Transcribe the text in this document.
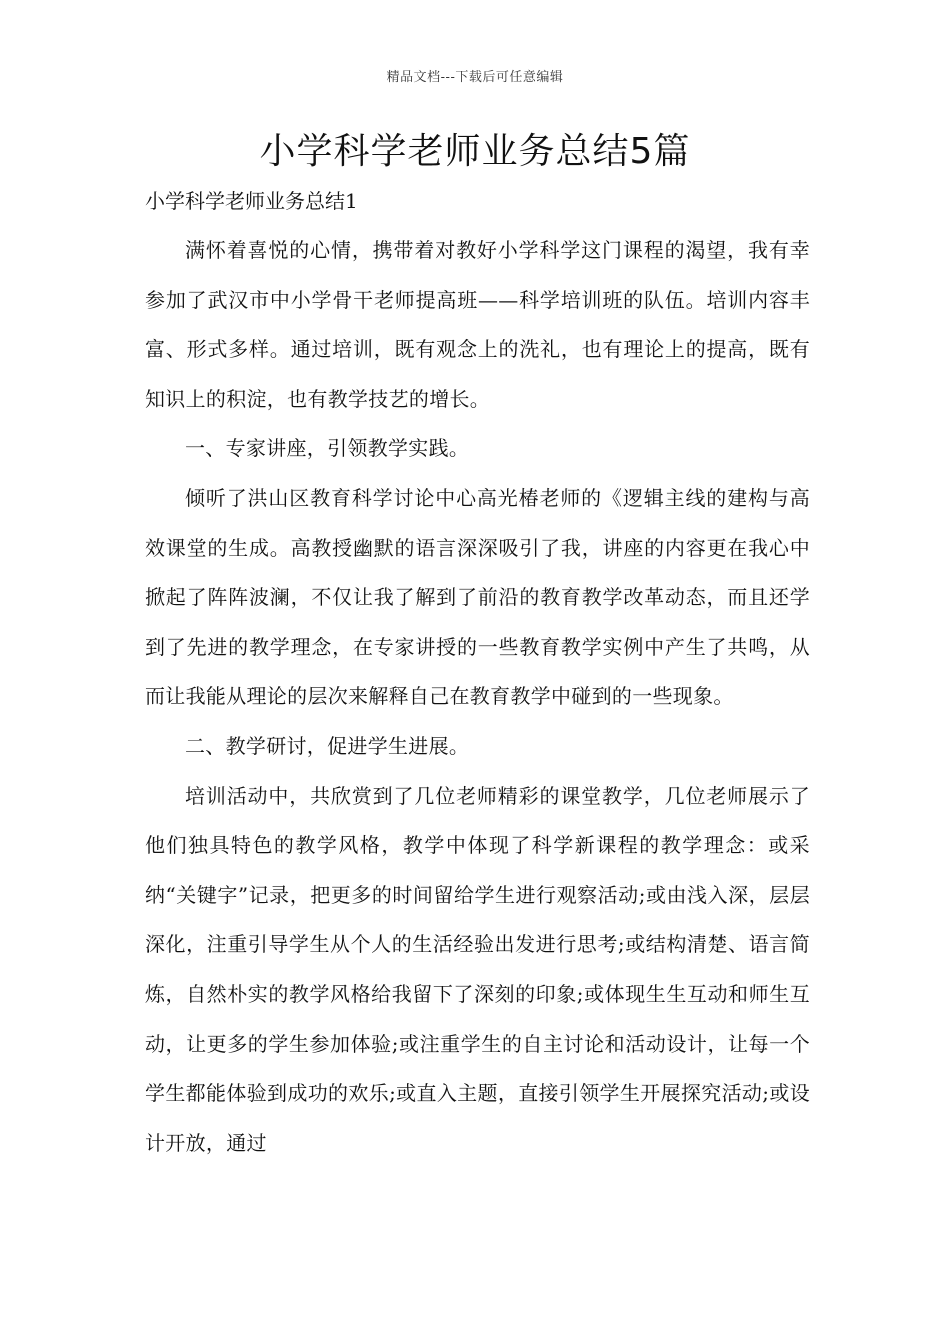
精品文档---下载后可任意编辑
小学科学老师业务总结5篇
小学科学老师业务总结1

满怀着喜悦的心情，携带着对教好小学科学这门课程的渴望，我有幸参加了武汉市中小学骨干老师提高班——科学培训班的队伍。培训内容丰富、形式多样。通过培训，既有观念上的洗礼，也有理论上的提高，既有知识上的积淀，也有教学技艺的增长。

一、专家讲座，引领教学实践。

倾听了洪山区教育科学讨论中心高光椿老师的《逻辑主线的建构与高效课堂的生成。高教授幽默的语言深深吸引了我，讲座的内容更在我心中掀起了阵阵波澜，不仅让我了解到了前沿的教育教学改革动态，而且还学到了先进的教学理念，在专家讲授的一些教育教学实例中产生了共鸣，从而让我能从理论的层次来解释自己在教育教学中碰到的一些现象。

二、教学研讨，促进学生进展。

培训活动中，共欣赏到了几位老师精彩的课堂教学，几位老师展示了他们独具特色的教学风格，教学中体现了科学新课程的教学理念：或采纳“关键字”记录，把更多的时间留给学生进行观察活动;或由浅入深，层层深化，注重引导学生从个人的生活经验出发进行思考;或结构清楚、语言简炼，自然朴实的教学风格给我留下了深刻的印象;或体现生生互动和师生互动，让更多的学生参加体验;或注重学生的自主讨论和活动设计，让每一个学生都能体验到成功的欢乐;或直入主题，直接引领学生开展探究活动;或设计开放，通过
